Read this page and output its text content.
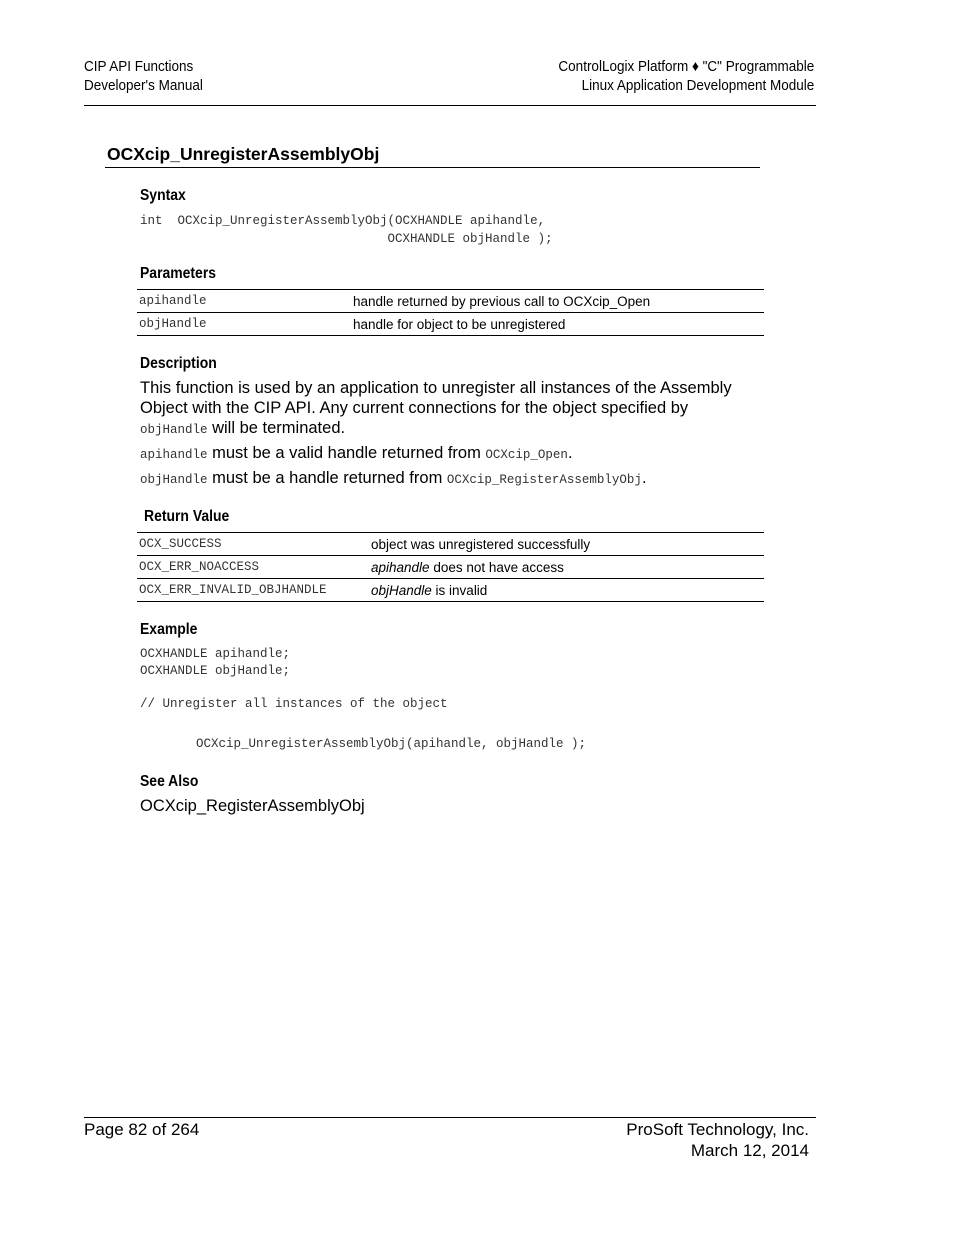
CIP API Functions
Developer's Manual
ControlLogix Platform ♦ "C" Programmable
Linux Application Development Module
OCXcip_UnregisterAssemblyObj
Syntax
int  OCXcip_UnregisterAssemblyObj(OCXHANDLE apihandle,
OCXHANDLE objHandle );
Parameters
apihandle	handle returned by previous call to OCXcip_Open
objHandle	handle for object to be unregistered
Description
This function is used by an application to unregister all instances of the Assembly Object with the CIP API. Any current connections for the object specified by
objHandle will be terminated.
apihandle must be a valid handle returned from OCXcip_Open.
objHandle must be a handle returned from OCXcip_RegisterAssemblyObj.
Return Value
OCX_SUCCESS	object was unregistered successfully
OCX_ERR_NOACCESS	apihandle does not have access
OCX_ERR_INVALID_OBJHANDLE	objHandle is invalid
Example
OCXHANDLE apihandle;
OCXHANDLE objHandle;
// Unregister all instances of the object
OCXcip_UnregisterAssemblyObj(apihandle, objHandle );
See Also
OCXcip_RegisterAssemblyObj
Page 82 of 264	ProSoft Technology, Inc.
March 12, 2014
